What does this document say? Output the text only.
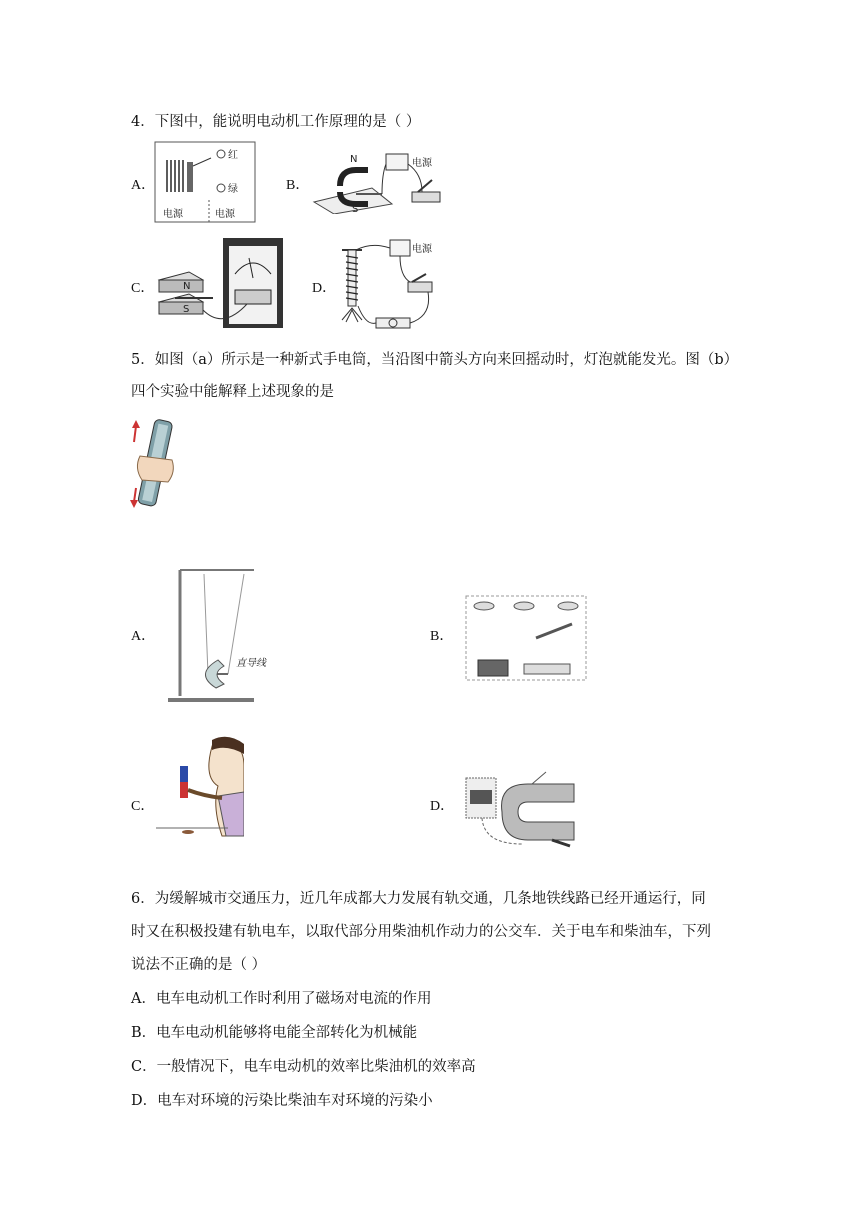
4．下图中，能说明电动机工作原理的是（ ）
A．
红
绿
电源	电源
B．
N
S
电源
C．	N
S
D．
电源
5．如图（a）所示是一种新式手电筒，当沿图中箭头方向来回摇动时，灯泡就能发光。图（b）
四个实验中能解释上述现象的是
A．
直导线
B．
C．	D．
6．为缓解城市交通压力，近几年成都大力发展有轨交通，几条地铁线路已经开通运行，同
时又在积极投建有轨电车，以取代部分用柴油机作动力的公交车．关于电车和柴油车，下列
说法不正确的是（ ）
A．电车电动机工作时利用了磁场对电流的作用
B．电车电动机能够将电能全部转化为机械能
C．一般情况下，电车电动机的效率比柴油机的效率高
D．电车对环境的污染比柴油车对环境的污染小
